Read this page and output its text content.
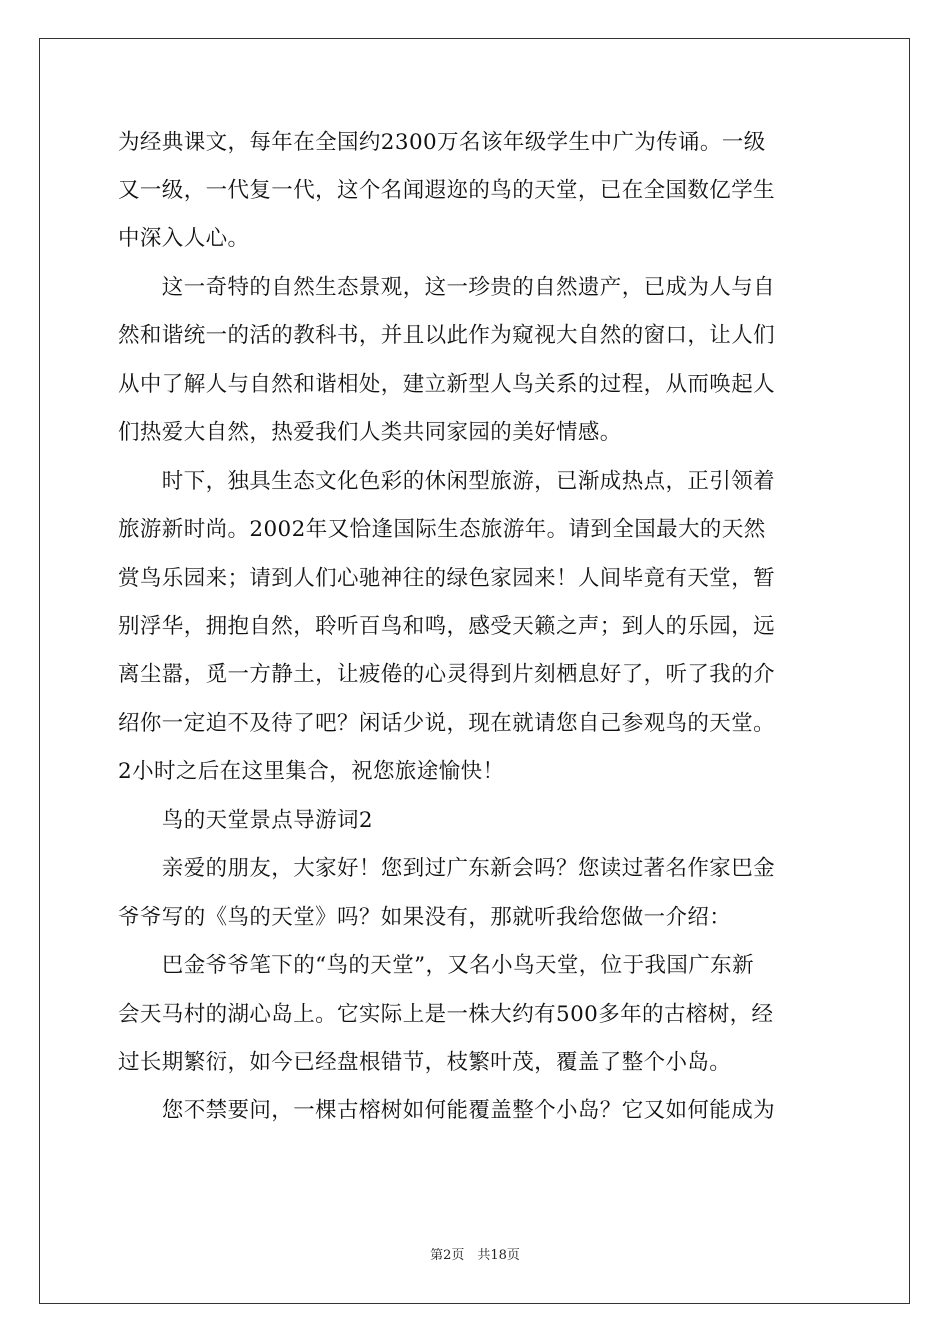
为经典课文，每年在全国约2300万名该年级学生中广为传诵。一级
又一级，一代复一代，这个名闻遐迩的鸟的天堂，已在全国数亿学生
中深入人心。
　　这一奇特的自然生态景观，这一珍贵的自然遗产，已成为人与自
然和谐统一的活的教科书，并且以此作为窥视大自然的窗口，让人们
从中了解人与自然和谐相处，建立新型人鸟关系的过程，从而唤起人
们热爱大自然，热爱我们人类共同家园的美好情感。
　　时下，独具生态文化色彩的休闲型旅游，已渐成热点，正引领着
旅游新时尚。2002年又恰逢国际生态旅游年。请到全国最大的天然
赏鸟乐园来；请到人们心驰神往的绿色家园来！人间毕竟有天堂，暂
别浮华，拥抱自然，聆听百鸟和鸣，感受天籁之声；到人的乐园，远
离尘嚣，觅一方静土，让疲倦的心灵得到片刻栖息好了，听了我的介
绍你一定迫不及待了吧？闲话少说，现在就请您自己参观鸟的天堂。
2小时之后在这里集合，祝您旅途愉快！
　　鸟的天堂景点导游词2
　　亲爱的朋友，大家好！您到过广东新会吗？您读过著名作家巴金
爷爷写的《鸟的天堂》吗？如果没有，那就听我给您做一介绍：
　　巴金爷爷笔下的“鸟的天堂”，又名小鸟天堂，位于我国广东新
会天马村的湖心岛上。它实际上是一株大约有500多年的古榕树，经
过长期繁衍，如今已经盘根错节，枝繁叶茂，覆盖了整个小岛。
　　您不禁要问，一棵古榕树如何能覆盖整个小岛？它又如何能成为
第2页　共18页
